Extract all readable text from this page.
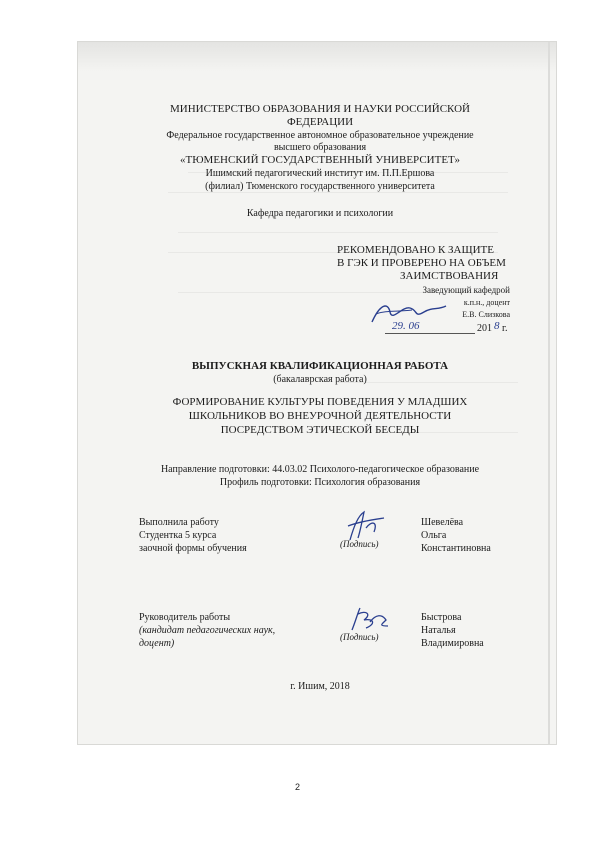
МИНИСТЕРСТВО ОБРАЗОВАНИЯ И НАУКИ РОССИЙСКОЙ
ФЕДЕРАЦИИ
Федеральное государственное автономное образовательное учреждение
высшего образования
«ТЮМЕНСКИЙ ГОСУДАРСТВЕННЫЙ УНИВЕРСИТЕТ»
Ишимский педагогический институт им. П.П.Ершова
(филиал) Тюменского государственного университета
Кафедра педагогики и психологии
РЕКОМЕНДОВАНО К ЗАЩИТЕ
В ГЭК И ПРОВЕРЕНО НА ОБЪЕМ
ЗАИМСТВОВАНИЯ
Заведующий кафедрой
к.п.н., доцент
Е.В. Слизкова
29. 06	201 8 г.
ВЫПУСКНАЯ КВАЛИФИКАЦИОННАЯ РАБОТА
(бакалаврская работа)
ФОРМИРОВАНИЕ КУЛЬТУРЫ ПОВЕДЕНИЯ У МЛАДШИХ
ШКОЛЬНИКОВ ВО ВНЕУРОЧНОЙ ДЕЯТЕЛЬНОСТИ
ПОСРЕДСТВОМ ЭТИЧЕСКОЙ БЕСЕДЫ
Направление подготовки: 44.03.02 Психолого-педагогическое образование
Профиль подготовки: Психология образования
Выполнила работу
Студентка 5 курса
заочной формы обучения	(Подпись)
Шевелёва
Ольга
Константиновна
Руководитель работы
(кандидат педагогических наук,
доцент)
(Подпись)
Быстрова
Наталья
Владимировна
г. Ишим, 2018
2
